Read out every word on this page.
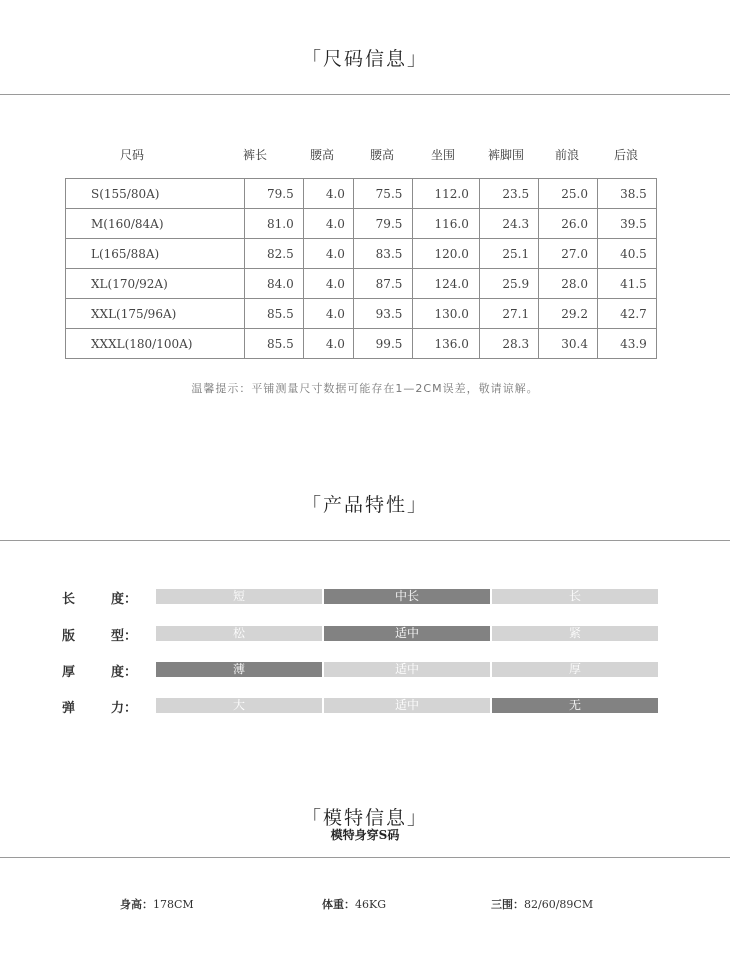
「尺码信息」
尺码	裤长	腰高	腰高	坐围	裤脚围	前浪	后浪
S(155/80A)	79.5	4.0	75.5	112.0	23.5	25.0	38.5
M(160/84A)	81.0	4.0	79.5	116.0	24.3	26.0	39.5
L(165/88A)	82.5	4.0	83.5	120.0	25.1	27.0	40.5
XL(170/92A)	84.0	4.0	87.5	124.0	25.9	28.0	41.5
XXL(175/96A)	85.5	4.0	93.5	130.0	27.1	29.2	42.7
XXXL(180/100A)	85.5	4.0	99.5	136.0	28.3	30.4	43.9
温馨提示：平铺测量尺寸数据可能存在1—2CM误差，敬请谅解。
「产品特性」
长	度：	短	中长	长
版	型：	松	适中	紧
厚	度：	薄	适中	厚
弹	力：	大	适中	无
「模特信息」
模特身穿S码
身高：178CM	体重：46KG	三围：82/60/89CM
